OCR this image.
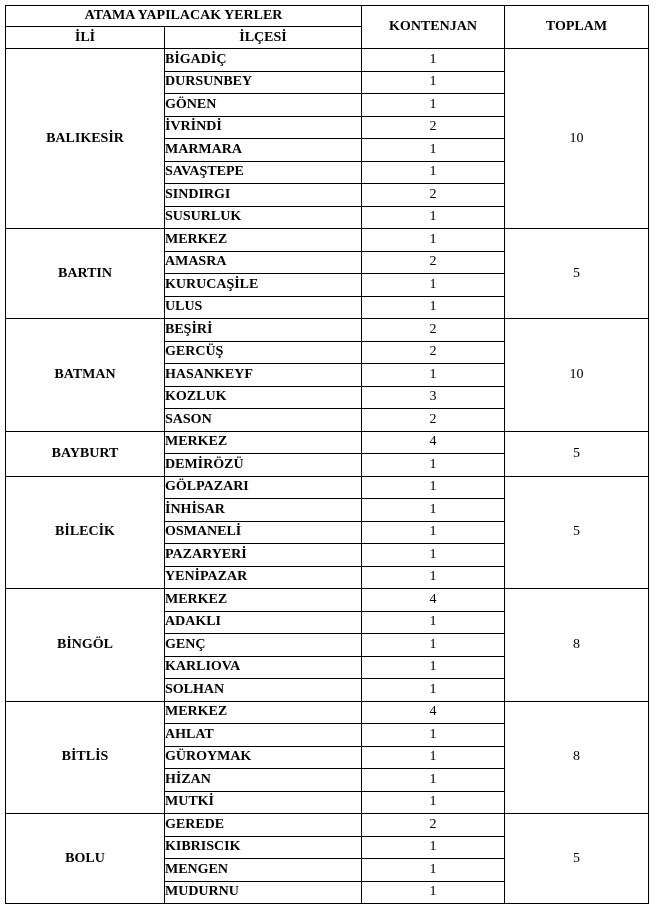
ATAMA YAPILACAK YERLER		KONTENJAN	TOPLAM
İLİ	İLÇESİ		
BALIKESİR	BİGADİÇ	1	10
	DURSUNBEY	1	
	GÖNEN	1	
	İVRİNDİ	2	
	MARMARA	1	
	SAVAŞTEPE	1	
	SINDIRGI	2	
	SUSURLUK	1	
BARTIN	MERKEZ	1	5
	AMASRA	2	
	KURUCAŞİLE	1	
	ULUS	1	
BATMAN	BEŞİRİ	2	10
	GERCÜŞ	2	
	HASANKEYF	1	
	KOZLUK	3	
	SASON	2	
BAYBURT	MERKEZ	4	5
	DEMİRÖZÜ	1	
BİLECİK	GÖLPAZARI	1	5
	İNHİSAR	1	
	OSMANELİ	1	
	PAZARYERİ	1	
	YENİPAZAR	1	
BİNGÖL	MERKEZ	4	8
	ADAKLI	1	
	GENÇ	1	
	KARLIOVA	1	
	SOLHAN	1	
BİTLİS	MERKEZ	4	8
	AHLAT	1	
	GÜROYMAK	1	
	HİZAN	1	
	MUTKİ	1	
BOLU	GEREDE	2	5
	KIBRISCIK	1	
	MENGEN	1	
	MUDURNU	1	
